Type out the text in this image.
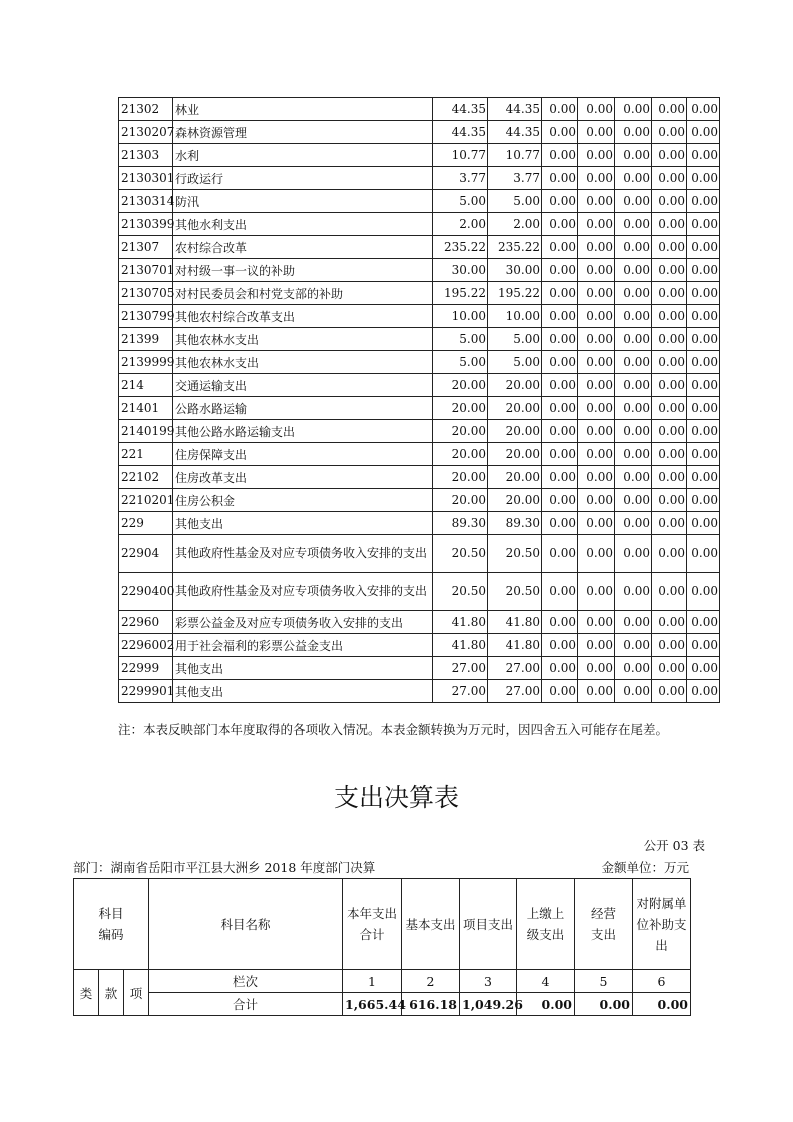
21302	林业	44.35	44.35	0.00	0.00	0.00	0.00	0.00
2130207	森林资源管理	44.35	44.35	0.00	0.00	0.00	0.00	0.00
21303	水利	10.77	10.77	0.00	0.00	0.00	0.00	0.00
2130301	行政运行	3.77	3.77	0.00	0.00	0.00	0.00	0.00
2130314	防汛	5.00	5.00	0.00	0.00	0.00	0.00	0.00
2130399	其他水利支出	2.00	2.00	0.00	0.00	0.00	0.00	0.00
21307	农村综合改革	235.22	235.22	0.00	0.00	0.00	0.00	0.00
2130701	对村级一事一议的补助	30.00	30.00	0.00	0.00	0.00	0.00	0.00
2130705	对村民委员会和村党支部的补助	195.22	195.22	0.00	0.00	0.00	0.00	0.00
2130799	其他农村综合改革支出	10.00	10.00	0.00	0.00	0.00	0.00	0.00
21399	其他农林水支出	5.00	5.00	0.00	0.00	0.00	0.00	0.00
2139999	其他农林水支出	5.00	5.00	0.00	0.00	0.00	0.00	0.00
214	交通运输支出	20.00	20.00	0.00	0.00	0.00	0.00	0.00
21401	公路水路运输	20.00	20.00	0.00	0.00	0.00	0.00	0.00
2140199	其他公路水路运输支出	20.00	20.00	0.00	0.00	0.00	0.00	0.00
221	住房保障支出	20.00	20.00	0.00	0.00	0.00	0.00	0.00
22102	住房改革支出	20.00	20.00	0.00	0.00	0.00	0.00	0.00
2210201	住房公积金	20.00	20.00	0.00	0.00	0.00	0.00	0.00
229	其他支出	89.30	89.30	0.00	0.00	0.00	0.00	0.00
22904	其他政府性基金及对应专项债务收入安排的支出	20.50	20.50	0.00	0.00	0.00	0.00	0.00
2290400	其他政府性基金及对应专项债务收入安排的支出	20.50	20.50	0.00	0.00	0.00	0.00	0.00
22960	彩票公益金及对应专项债务收入安排的支出	41.80	41.80	0.00	0.00	0.00	0.00	0.00
2296002	用于社会福利的彩票公益金支出	41.80	41.80	0.00	0.00	0.00	0.00	0.00
22999	其他支出	27.00	27.00	0.00	0.00	0.00	0.00	0.00
2299901	其他支出	27.00	27.00	0.00	0.00	0.00	0.00	0.00
注：本表反映部门本年度取得的各项收入情况。本表金额转换为万元时，因四舍五入可能存在尾差。
支出决算表
公开 03 表
部门：湖南省岳阳市平江县大洲乡 2018 年度部门决算	金额单位：万元
科目编码			科目名称	本年支出合计	基本支出	项目支出	上缴上级支出	经营支出	对附属单位补助支出
类	款	项	栏次	1	2	3	4	5	6
			合计	1,665.44	616.18	1,049.26	0.00	0.00	0.00
